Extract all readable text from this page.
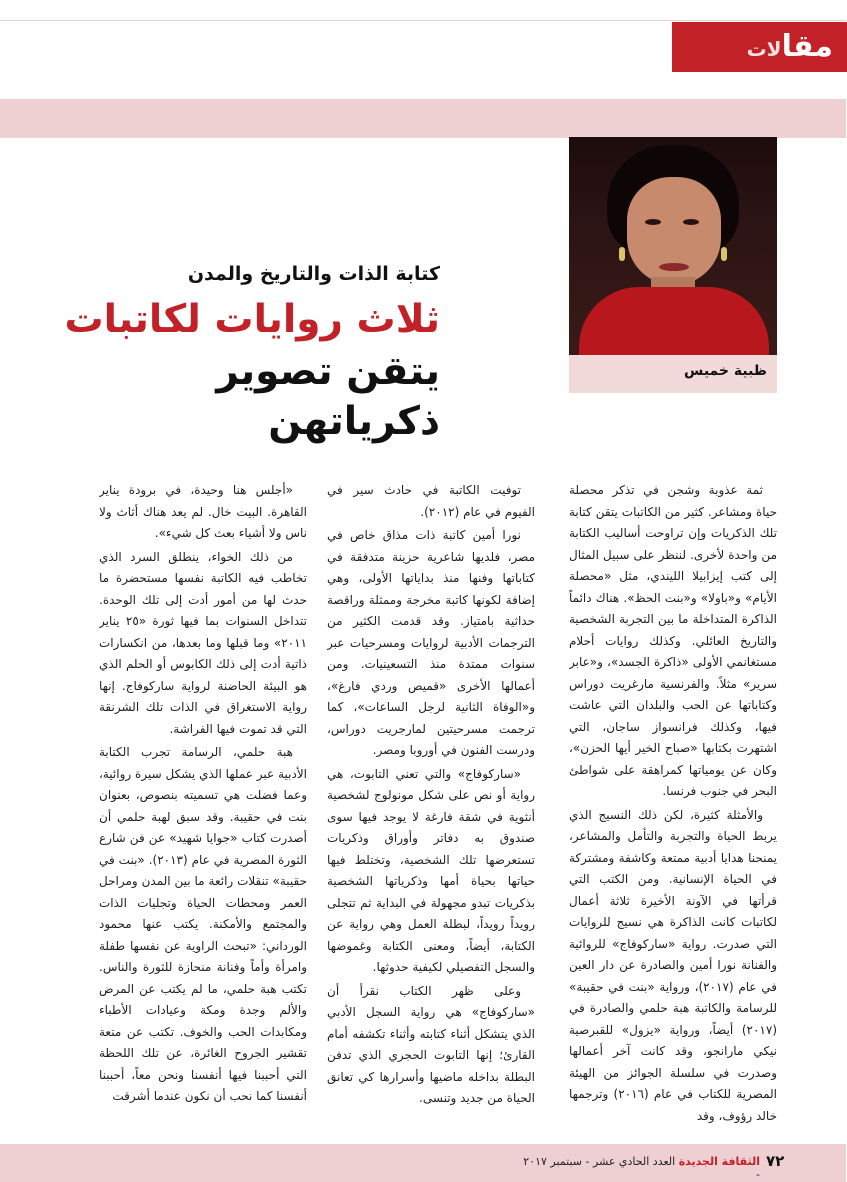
مقالات
ظبية خميس
كتابة الذات والتاريخ والمدن
ثلاث روايات لكاتبات
يتقن تصوير ذكرياتهن

ثمة عذوبة وشجن في تذكر محصلة حياة ومشاعر. كثير من الكاتبات يتقن كتابة تلك الذكريات وإن تراوحت أساليب الكتابة من واحدة لأخرى. لننظر على سبيل المثال إلى كتب إيزابيلا الليندي، مثل «محصلة الأيام» و«باولا» و«بنت الحظ». هناك دائماً الذاكرة المتداخلة ما بين التجربة الشخصية والتاريخ العائلي. وكذلك روايات أحلام مستغانمي الأولى «ذاكرة الجسد»، و«عابر سرير» مثلاً. والفرنسية مارغريت دوراس وكتاباتها عن الحب والبلدان التي عاشت فيها، وكذلك فرانسواز ساجان، التي اشتهرت بكتابها «صباح الخير أيها الحزن»، وكان عن يومياتها كمراهقة على شواطئ البحر في جنوب فرنسا.

والأمثلة كثيرة، لكن ذلك النسيج الذي يربط الحياة والتجربة والتأمل والمشاعر، يمنحنا هدايا أدبية ممتعة وكاشفة ومشتركة في الحياة الإنسانية. ومن الكتب التي قرأتها في الآونة الأخيرة ثلاثة أعمال لكاتبات كانت الذاكرة هي نسيج للروايات التي صدرت. رواية «ساركوفاج» للروائية والفنانة نورا أمين والصادرة عن دار العين في عام (٢٠١٧)، ورواية «بنت في حقيبة» للرسامة والكاتبة هبة حلمي والصادرة في (٢٠١٧) أيضاً، ورواية «يزول» للقبرصية نيكي مارانجو، وقد كانت آخر أعمالها وصدرت في سلسلة الجوائز من الهيئة المصرية للكتاب في عام (٢٠١٦) وترجمها خالد رؤوف، وقد

توفيت الكاتبة في حادث سير في الفيوم في عام (٢٠١٢).

نورا أمين كاتبة ذات مذاق خاص في مصر، فلديها شاعرية حزينة متدفقة في كتاباتها وفنها منذ بداياتها الأولى، وهي إضافة لكونها كاتبة مخرجة وممثلة وراقصة حداثية بامتياز. وقد قدمت الكثير من الترجمات الأدبية لروايات ومسرحيات عبر سنوات ممتدة منذ التسعينيات. ومن أعمالها الأخرى «قميص وردي فارغ»، و«الوفاة الثانية لرجل الساعات»، كما ترجمت مسرحيتين لمارجريت دوراس، ودرست الفنون في أوروبا ومصر.

«ساركوفاج» والتي تعني التابوت، هي رواية أو نص على شكل مونولوج لشخصية أنثوية في شقة فارغة لا يوجد فيها سوى صندوق به دفاتر وأوراق وذكريات تستعرضها تلك الشخصية، وتختلط فيها حياتها بحياة أمها وذكرياتها الشخصية بذكريات تبدو مجهولة في البداية ثم تتجلى رويداً رويداً، لبطلة العمل وهي رواية عن الكتابة، أيضاً، ومعنى الكتابة وغموضها والسجل التفصيلي لكيفية حدوثها.

وعلى ظهر الكتاب نقرأ أن «ساركوفاج» هي رواية السجل الأدبي الذي يتشكل أثناء كتابته وأثناء تكشفه أمام القارئ؛ إنها التابوت الحجري الذي تدفن البطلة بداخله ماضيها وأسرارها كي تعانق الحياة من جديد وتنسى.

«أجلس هنا وحيدة، في برودة يناير القاهرة. البيت خال. لم يعد هناك أثاث ولا ناس ولا أشياء بعث كل شيء».

من ذلك الخواء، ينطلق السرد الذي تخاطب فيه الكاتبة نفسها مستحضرة ما حدث لها من أمور أدت إلى تلك الوحدة. تتداخل السنوات بما فيها ثورة «٢٥ يناير ٢٠١١» وما قبلها وما بعدها، من انكسارات ذاتية أدت إلى ذلك الكابوس أو الحلم الذي هو البيئة الحاضنة لرواية ساركوفاج. إنها رواية الاستغراق في الذات تلك الشرنقة التي قد تموت فيها الفراشة.

هبة حلمي، الرسامة تجرب الكتابة الأدبية عبر عملها الذي يشكل سيرة روائية، وعما فضلت هي تسميته بنصوص، بعنوان بنت في حقيبة. وقد سبق لهبة حلمي أن أصدرت كتاب «جوايا شهيد» عن فن شارع الثورة المصرية في عام (٢٠١٣). «بنت في حقيبة» تنقلات رائعة ما بين المدن ومراحل العمر ومحطات الحياة وتجليات الذات والمجتمع والأمكنة. يكتب عنها محمود الورداني: «تبحث الراوية عن نفسها طفلة وامرأة وأماً وفنانة منحازة للثورة والناس. تكتب هبة حلمي، ما لم يكتب عن المرض والألم وجدة ومكة وعيادات الأطباء ومكابدات الحب والخوف. تكتب عن متعة تقشير الجروح الغائرة، عن تلك اللحظة التي أحببنا فيها أنفسنا ونحن معاً، أحببنا أنفسنا كما نحب أن نكون عندما أشرقت

٧٢
الثقافة الجديدة العدد الحادي عشر - سبتمبر ٢٠١٧ -
